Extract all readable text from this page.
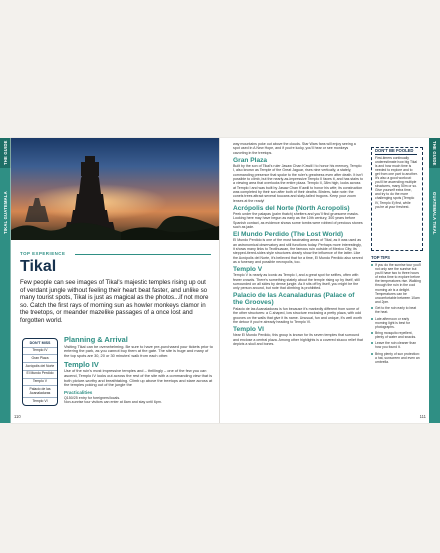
THE GUIDE
TIKAL GUATEMALA
TOP EXPERIENCE
Tikal

Few people can see images of Tikal's majestic temples rising up out of verdant jungle without feeling their heart beat faster, and unlike so many tourist spots, Tikal is just as magical as the photos...if not more so. Catch the first rays of morning sun as howler monkeys clamor in the treetops, or meander mazelike passages of a once lost and forgotten world.

DON'T MISS
Templo IV
Gran Plaza
Acrópolis del Norte
El Mundo Perdido
Templo V
Palacio de las Acanaladuras
Templo VI
Planning & Arrival

Visiting Tikal can be overwhelming. Be sure to have pre-purchased your tickets prior to entering the park, as you cannot buy them at the gate. The site is huge and many of the top spots are 30, 20 or 30 minutes' walk from each other.

Templo IV

Use of the ruin's most impressive temples and – thrillingly – one of the few you can ascend, Templo IV looks out across the rest of the site with a commanding view that is both picture-worthy and breathtaking. Climb up above the treetops and stare across at the temples poking out of the jungle the

Practicalities

Q150/25 entry for foreigners/locals.

Non-sunrise tour visitors can enter at 8am and stay until 6pm.

110

way mountains poke out above the clouds. Star Wars fans will enjoy seeing a spot used in A New Hope, and if you're lucky, you'll hear or see monkeys cavorting in the treetops.

Gran Plaza

Built by the son of Tikal's ruler Jasaw Chan K'awiil I to honor his memory, Templo I, also known as Temple of the Great Jaguar, rises nine vertically, a stately, commanding presence that spoke to the ruler's greatness even after death. It isn't possible to climb, but the nearly-as-impressive Templo II faces it, and has stairs to a viewing area that overlooks the entire plaza. Templo II, 38m high, looks across at Templo I and was built by Jasaw Chan K'awiil to honor his wife; its construction was completed by their son after both of their deaths. Birders, take note: the conels trees attract several toucans and slaty-tailed trogons. Keep your zoom lenses at the ready!

Acrópolis del Norte (North Acropolis)

Peek under the palapas (palm thatch) shelters and you'll find gruesome masks. Looking here may have begun as early as the 10th century, 300 years before Spanish contact, as evidence shows some tombs were robbed of precious stones such as jade.

El Mundo Perdido (The Lost World)

El Mundo Perdido is one of the most fascinating areas of Tikal, as it was used as an astronomical observatory and still functions today. Perhaps more interestingly, it shows many links to Teotihuacan, the famous ruin outside of Mexico City; its stepped-tiered-sides style structures clearly show the influence of the latter. Like the Acrópolis del Norte, it's believed that for a time, El Mundo Perdido also served as a funerary and possible necropolis, too.

Templo V

Templo V is nearly as iconic as Templo I, and a great spot for selfies, often with fewer crowds. There's something stately about the temple rising up by itself, still surrounded on all sides by dense jungle. As it sits off by itself, you might be the only person around, but note that climbing is prohibited.

Palacio de las Acanaladuras (Palace of the Grooves)

Palacio de las Acanaladuras is fun because it's markedly different from some of the other structures: a C-shaped, low structure enclosing a pretty plaza, with odd grooves on the walls that give it its name. Unusual, fun and unique, it's well worth the detour if you're already heading to Templo VI.

Templo VI

Near El Mundo Perdido, this group is known for its seven temples that surround and enclose a central plaza. Among other highlights is a covered stucco relief that depicts a skull and bones.

DON'T BE FOOLED

First-timers continually underestimate how big Tikal is and how much time is needed to explore and to get from one part to another. It's also a good workout: you'll be ascending multiple structures, many 50m or so. Give yourself extra time, and try to do the more challenging spots (Templo IV, Templo II) first, while you're at your freshest.

TOP TIPS
If you do the sunrise tour you'll not only see the sunrise but you'll have two to three hours of extra time to explore before the temperatures rise. Walking through the ruin in the cool morning air is a delight. Temperatures can be uncomfortable between 10am and 2pm.
Get to the ruin early to beat the heat.
Late afternoon or early morning light is best for photographs.
Bring mosquito repellent, plenty of water and snacks.
Leave the ruin cleaner than how you found it.
Bring plenty of sun protection: a hat, sunscreen and even an umbrella.
111
THE GUIDE
GUATEMALA TIKAL
